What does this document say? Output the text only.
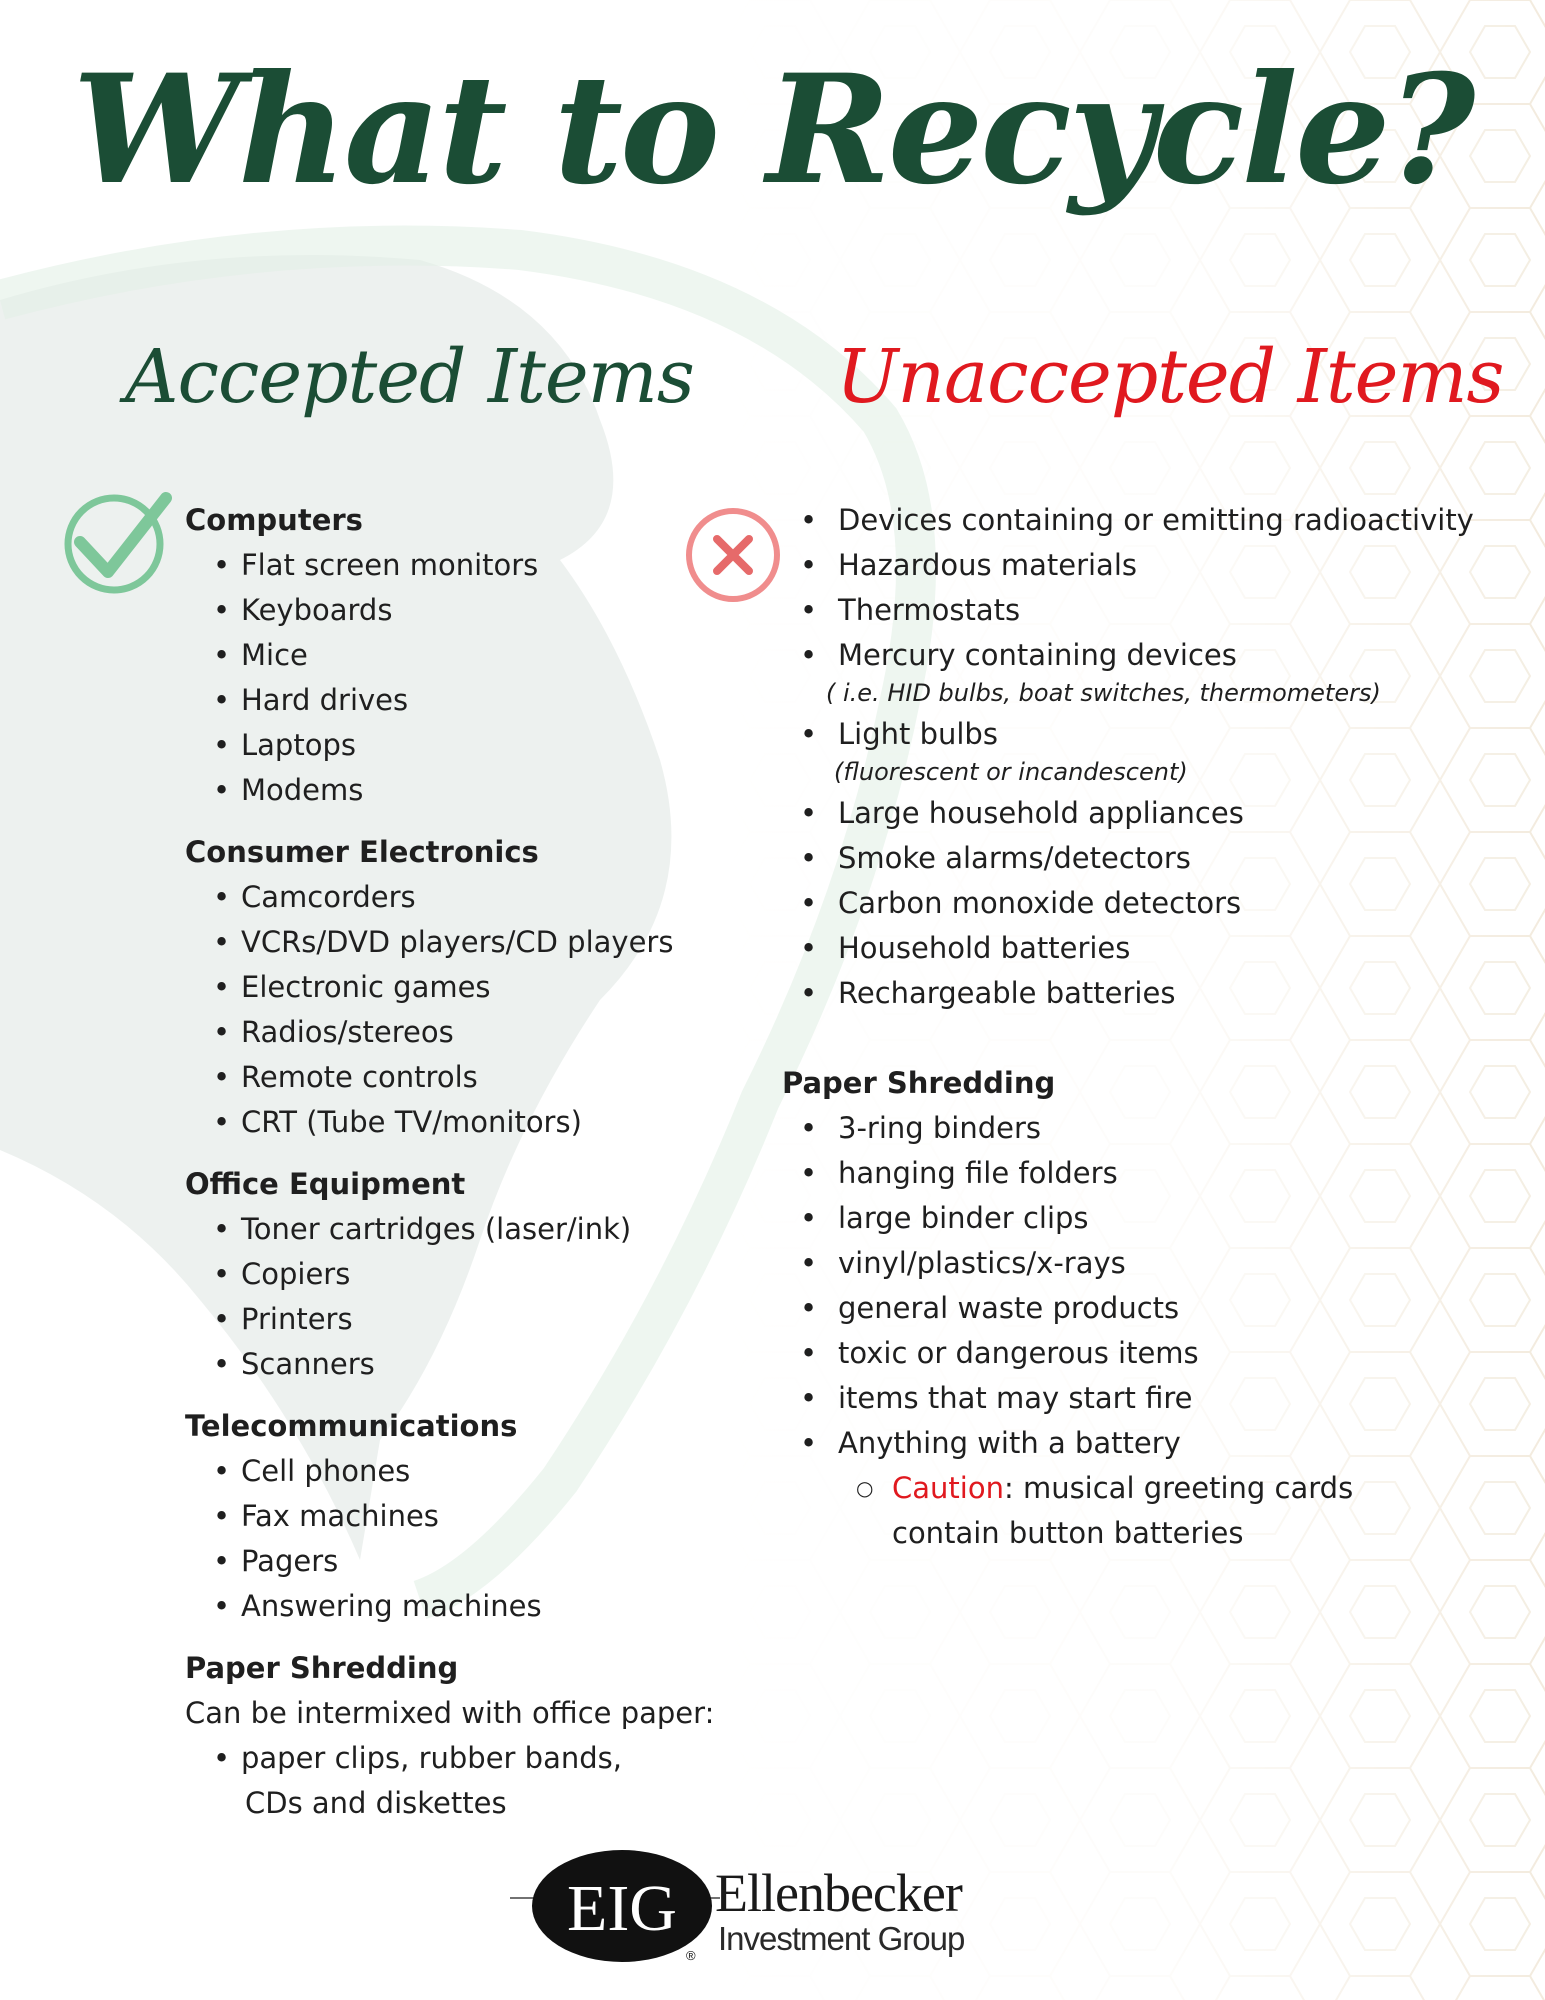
What to Recycle?
Accepted Items Unaccepted Items

Computers

• Flat screen monitors
• Keyboards
• Mice
• Hard drives
• Laptops
• Modems

Consumer Electronics

• Camcorders
• VCRs/DVD players/CD players
• Electronic games
• Radios/stereos
• Remote controls
• CRT (Tube TV/monitors)

Office Equipment

• Toner cartridges (laser/ink)
• Copiers
• Printers
• Scanners

Telecommunications

• Cell phones
• Fax machines
• Pagers
• Answering machines

Paper Shredding

Can be intermixed with office paper:

• paper clips, rubber bands,

CDs and diskettes

• Devices containing or emitting radioactivity
• Hazardous materials
• Thermostats
• Mercury containing devices

( i.e. HID bulbs, boat switches, thermometers)

• Light bulbs

(fluorescent or incandescent)

• Large household appliances
• Smoke alarms/detectors
• Carbon monoxide detectors
• Household batteries
• Rechargeable batteries

Paper Shredding

• 3-ring binders
• hanging file folders
• large binder clips
• vinyl/plastics/x-rays
• general waste products
• toxic or dangerous items
• items that may start fire
• Anything with a battery
○ Caution: musical greeting cards

contain button batteries

EIG
®
Ellenbecker
Investment Group
